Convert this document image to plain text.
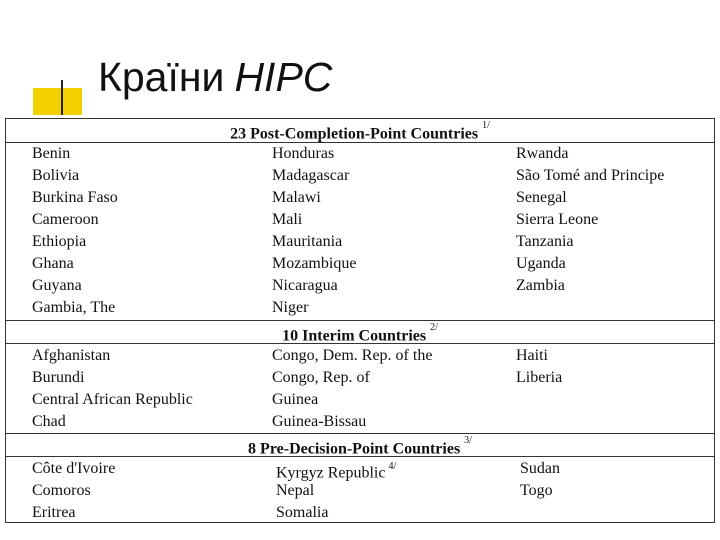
Країни HIPC
23 Post-Completion-Point Countries $^{1/}$
Benin
Bolivia
Burkina Faso
Cameroon
Ethiopia
Ghana
Guyana
Gambia, The
Honduras
Madagascar
Malawi
Mali
Mauritania
Mozambique
Nicaragua
Niger
Rwanda
São Tomé and Principe
Senegal
Sierra Leone
Tanzania
Uganda
Zambia
10 Interim Countries $^{2/}$
Afghanistan
Burundi
Central African Republic
Chad
Congo, Dem. Rep. of the
Congo, Rep. of
Guinea
Guinea-Bissau
Haiti
Liberia
8 Pre-Decision-Point Countries $^{3/}$
Côte d'Ivoire
Comoros
Eritrea
Kyrgyz Republic $^{4/}$
Nepal
Somalia
Sudan
Togo
